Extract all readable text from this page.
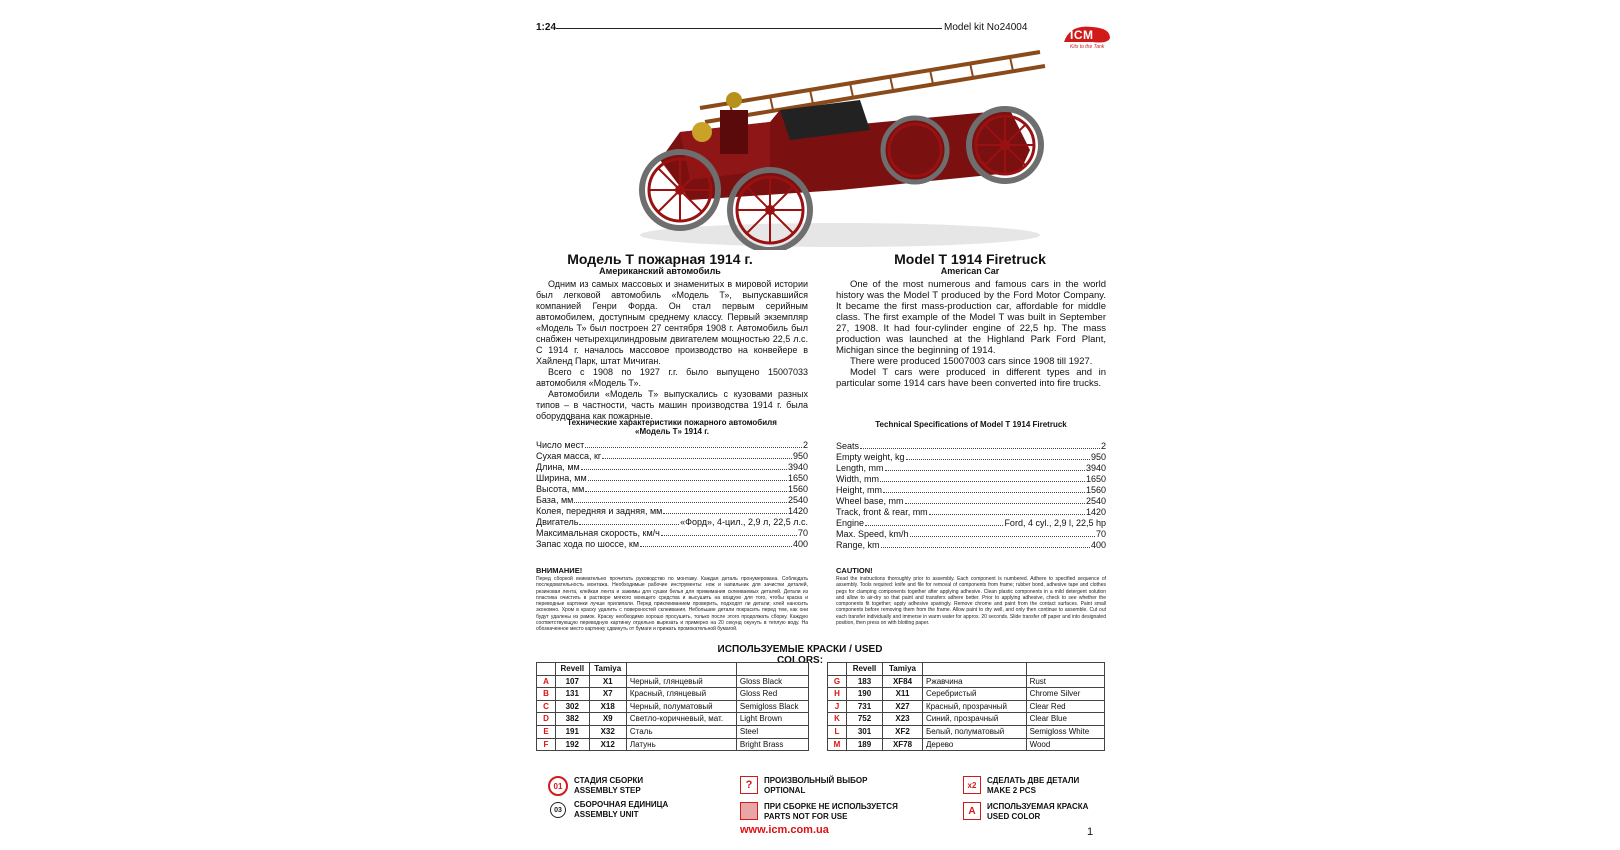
1:24	Model kit No24004
ICM
Kits to the Tank
Модель Т пожарная 1914 г.
Американский автомобиль

Одним из самых массовых и знаменитых в мировой истории был легковой автомобиль «Модель Т», выпускавшийся компанией Генри Форда. Он стал первым серийным автомобилем, доступным среднему классу. Первый экземпляр «Модель Т» был построен 27 сентября 1908 г. Автомобиль был снабжен четырехцилиндровым двигателем мощностью 22,5 л.с. С 1914 г. началось массовое производство на конвейере в Хайленд Парк, штат Мичиган.

Всего с 1908 по 1927 г.г. было выпущено 15007033 автомобиля «Модель Т».

Автомобили «Модель Т» выпускались с кузовами разных типов – в частности, часть машин производства 1914 г. была оборудована как пожарные.

Технические характеристики пожарного автомобиля
«Модель Т» 1914 г.
Число мест	2
Сухая масса, кг	950
Длина, мм	3940
Ширина, мм	1650
Высота, мм	1560
База, мм	2540
Колея, передняя и задняя, мм	1420
Двигатель	«Форд», 4-цил., 2,9 л, 22,5 л.с.
Максимальная скорость, км/ч	70
Запас хода по шоссе, км	400
ВНИМАНИЕ!
Перед сборкой внимательно прочитать руководство по монтажу. Каждая деталь пронумерована. Соблюдать последовательность монтажа. Необходимые рабочие инструменты: нож и напильник для зачистки деталей, резиновая лента, клейкая лента и зажимы для сушки белья для прижимания склеиваемых деталей. Детали из пластика очистить в растворе мягкого моющего средства и высушить на воздухе для того, чтобы краска и переводные картинки лучше прилипали. Перед приклеиванием проверить, подходят ли детали; клей наносить экономно. Хром в краску удалить с поверхностей склеивания. Небольшие детали покрасить перед тем, как они будут удалены из рамок. Краску необходимо хорошо просушить, только после этого продолжать сборку. Каждую соответствующую переводную картинку отдельно вырезать и примерно на 20 секунд окунуть в теплую воду. На обозначенное место картинку сдвинуть от бумаги и прижать промокательной бумагой.
Model T 1914 Firetruck
American Car

One of the most numerous and famous cars in the world history was the Model T produced by the Ford Motor Company. It became the first mass-production car, affordable for middle class. The first example of the Model T was built in September 27, 1908. It had four-cylinder engine of 22,5 hp. The mass production was launched at the Highland Park Ford Plant, Michigan since the beginning of 1914.

There were produced 15007003 cars since 1908 till 1927.

Model T cars were produced in different types and in particular some 1914 cars have been converted into fire trucks.

Technical Specifications of Model T 1914 Firetruck
Seats	2
Empty weight, kg	950
Length, mm	3940
Width, mm	1650
Height, mm	1560
Wheel base, mm	2540
Track, front & rear, mm	1420
Engine	Ford, 4 cyl., 2,9 l, 22,5 hp
Max. Speed, km/h	70
Range, km	400
CAUTION!
Read the instructions thoroughly prior to assembly. Each component is numbered. Adhere to specified sequence of assembly. Tools required: knife and file for removal of components from frame; rubber bond, adhesive tape and clothes pegs for clamping components together after applying adhesive. Clean plastic components in a mild detergent solution and allow to air-dry so that paint and transfers adhere better. Prior to applying adhesive, check to see whether the components fit together; apply adhesive sparingly. Remove chrome and paint from the contact surfaces. Paint small components before removing them from the frame. Allow paint to dry well, and only then continue to assemble. Cut out each transfer individually and immerse in warm water for approx. 20 seconds. Slide transfer off paper and into designated position, then press on with blotting paper.
ИСПОЛЬЗУЕМЫЕ КРАСКИ / USED COLORS:
	Revell	Tamiya		
A	107	X1	Черный, глянцевый	Gloss Black
B	131	X7	Красный, глянцевый	Gloss Red
C	302	X18	Черный, полуматовый	Semigloss Black
D	382	X9	Светло-коричневый, мат.	Light Brown
E	191	X32	Сталь	Steel
F	192	X12	Латунь	Bright Brass
	Revell	Tamiya		
G	183	XF84	Ржавчина	Rust
H	190	X11	Серебристый	Chrome Silver
J	731	X27	Красный, прозрачный	Clear Red
K	752	X23	Синий, прозрачный	Clear Blue
L	301	XF2	Белый, полуматовый	Semigloss White
M	189	XF78	Дерево	Wood
01
СТАДИЯ СБОРКИ
ASSEMBLY STEP
03
СБОРОЧНАЯ ЕДИНИЦА
ASSEMBLY UNIT
?	ПРОИЗВОЛЬНЫЙ ВЫБОР
OPTIONAL
ПРИ СБОРКЕ НЕ ИСПОЛЬЗУЕТСЯ
PARTS NOT FOR USE
x2	СДЕЛАТЬ ДВЕ ДЕТАЛИ
MAKE 2 PCS
A	ИСПОЛЬЗУЕМАЯ КРАСКА
USED COLOR
www.icm.com.ua	1
